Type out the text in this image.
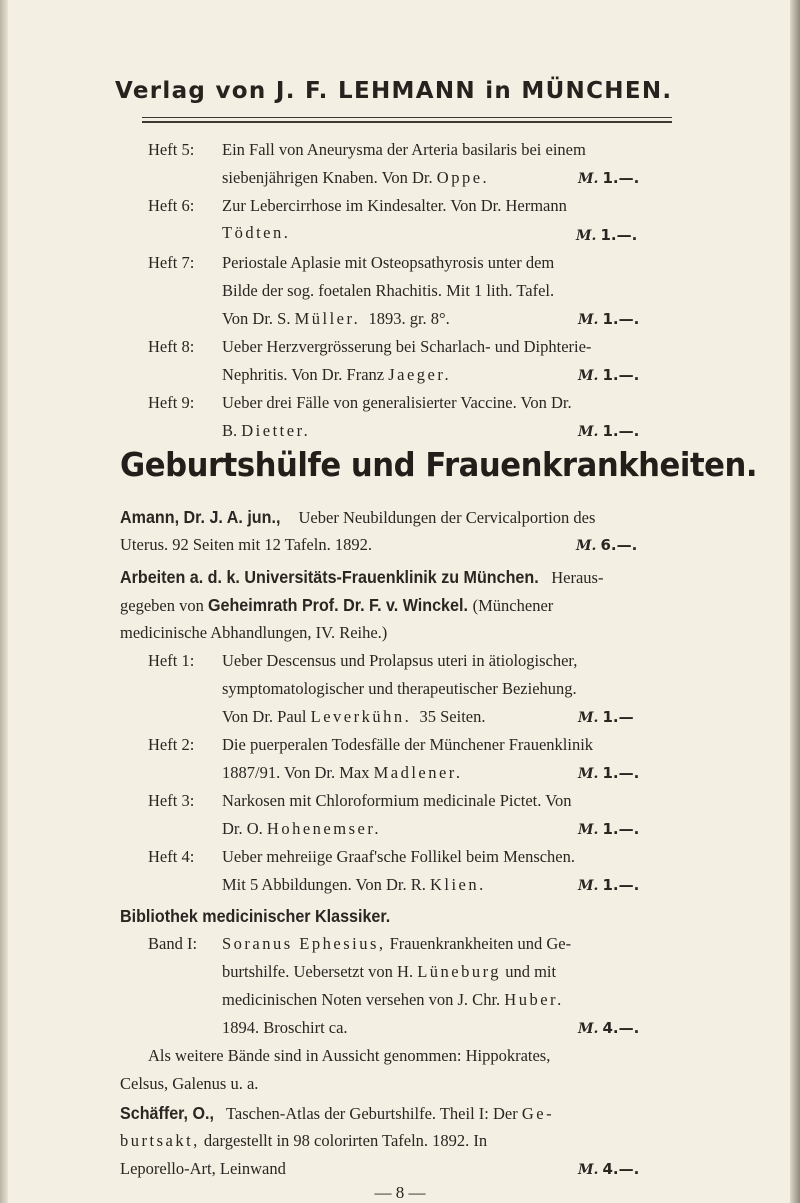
Verlag von J. F. LEHMANN in MÜNCHEN.
Heft 5: Ein Fall von Aneurysma der Arteria basilaris bei einem
siebenjährigen Knaben. Von Dr. Oppe.	M. 1.—.
Heft 6: Zur Lebercirrhose im Kindesalter. Von Dr. Hermann
Tödten.	M. 1.—.
Heft 7: Periostale Aplasie mit Osteopsathyrosis unter dem
Bilde der sog. foetalen Rhachitis. Mit 1 lith. Tafel.
Von Dr. S. Müller. 1893. gr. 8°.	M. 1.—.
Heft 8: Ueber Herzvergrösserung bei Scharlach- und Diphterie-
Nephritis. Von Dr. Franz Jaeger.	M. 1.—.
Heft 9: Ueber drei Fälle von generalisierter Vaccine. Von Dr.
B. Dietter.	M. 1.—.
Geburtshülfe und Frauenkrankheiten.
Amann, Dr. J. A. jun., Ueber Neubildungen der Cervicalportion des
Uterus. 92 Seiten mit 12 Tafeln. 1892.	M. 6.—.
Arbeiten a. d. k. Universitäts-Frauenklinik zu München. Heraus-
gegeben von Geheimrath Prof. Dr. F. v. Winckel. (Münchener
medicinische Abhandlungen, IV. Reihe.)
Heft 1: Ueber Descensus und Prolapsus uteri in ätiologischer,
symptomatologischer und therapeutischer Beziehung.
Von Dr. Paul Leverkühn. 35 Seiten.	M. 1.—
Heft 2: Die puerperalen Todesfälle der Münchener Frauenklinik
1887/91. Von Dr. Max Madlener.	M. 1.—.
Heft 3: Narkosen mit Chloroformium medicinale Pictet. Von
Dr. O. Hohenemser.	M. 1.—.
Heft 4: Ueber mehreiige Graaf'sche Follikel beim Menschen.
Mit 5 Abbildungen. Von Dr. R. Klien.	M. 1.—.
Bibliothek medicinischer Klassiker.
Band I: Soranus Ephesius, Frauenkrankheiten und Ge-
burtshilfe. Uebersetzt von H. Lüneburg und mit
medicinischen Noten versehen von J. Chr. Huber.
1894. Broschirt ca.	M. 4.—.
Als weitere Bände sind in Aussicht genommen: Hippokrates,
Celsus, Galenus u. a.
Schäffer, O., Taschen-Atlas der Geburtshilfe. Theil I: Der Ge-
burtsakt, dargestellt in 98 colorirten Tafeln. 1892. In
Leporello-Art, Leinwand	M. 4.—.
— 8 —
